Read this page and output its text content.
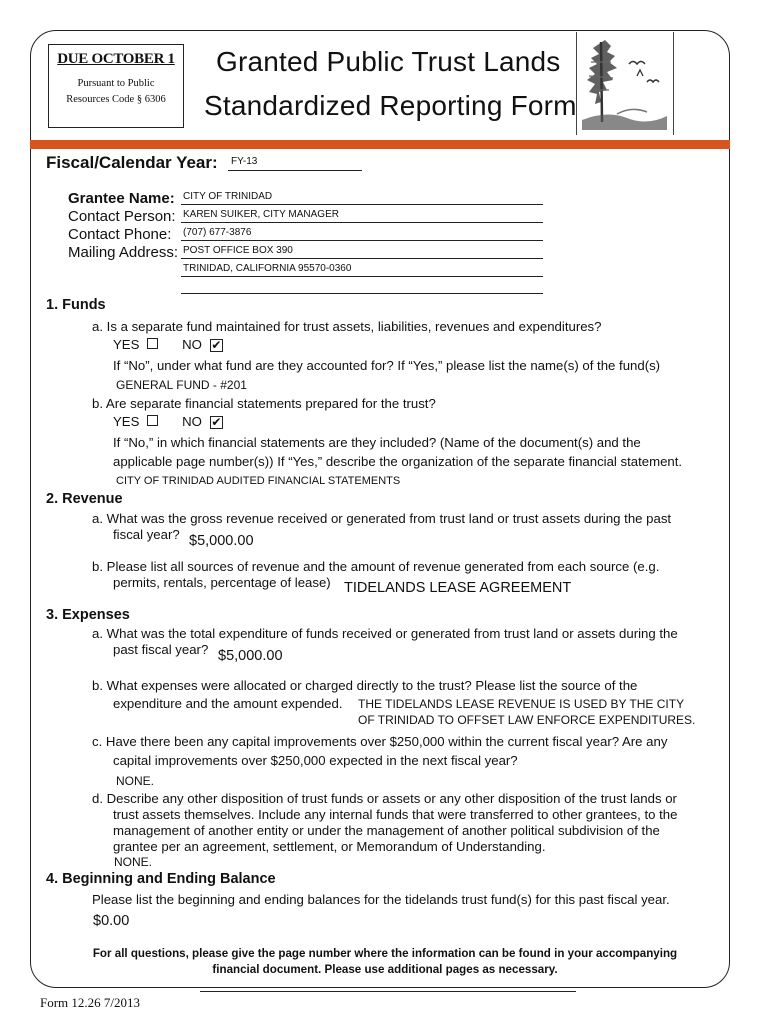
DUE OCTOBER 1
Pursuant to Public
Resources Code § 6306
Granted Public Trust Lands
Standardized Reporting Form
Fiscal/Calendar Year: FY-13
Grantee Name: CITY OF TRINIDAD
Contact Person: KAREN SUIKER, CITY MANAGER
Contact Phone: (707) 677-3876
Mailing Address: POST OFFICE BOX 390
TRINIDAD, CALIFORNIA 95570-0360
1. Funds
a. Is a separate fund maintained for trust assets, liabilities, revenues and expenditures?
YES	NO ✔
If “No”, under what fund are they accounted for? If “Yes,” please list the name(s) of the fund(s)
GENERAL FUND - #201
b. Are separate financial statements prepared for the trust?
YES	NO ✔
If “No,” in which financial statements are they included? (Name of the document(s) and the
applicable page number(s)) If “Yes,” describe the organization of the separate financial statement.
CITY OF TRINIDAD AUDITED FINANCIAL STATEMENTS
2. Revenue
a. What was the gross revenue received or generated from trust land or trust assets during the past
fiscal year? $5,000.00
b. Please list all sources of revenue and the amount of revenue generated from each source (e.g.
permits, rentals, percentage of lease) TIDELANDS LEASE AGREEMENT
3. Expenses
a. What was the total expenditure of funds received or generated from trust land or assets during the
past fiscal year? $5,000.00
b. What expenses were allocated or charged directly to the trust? Please list the source of the
expenditure and the amount expended. THE TIDELANDS LEASE REVENUE IS USED BY THE CITY
OF TRINIDAD TO OFFSET LAW ENFORCE EXPENDITURES.
c. Have there been any capital improvements over $250,000 within the current fiscal year? Are any
capital improvements over $250,000 expected in the next fiscal year?
NONE.
d. Describe any other disposition of trust funds or assets or any other disposition of the trust lands or
trust assets themselves. Include any internal funds that were transferred to other grantees, to the
management of another entity or under the management of another political subdivision of the
grantee per an agreement, settlement, or Memorandum of Understanding.
NONE.
4. Beginning and Ending Balance
Please list the beginning and ending balances for the tidelands trust fund(s) for this past fiscal year.
$0.00
For all questions, please give the page number where the information can be found in your accompanying
financial document. Please use additional pages as necessary.
Form 12.26 7/2013
